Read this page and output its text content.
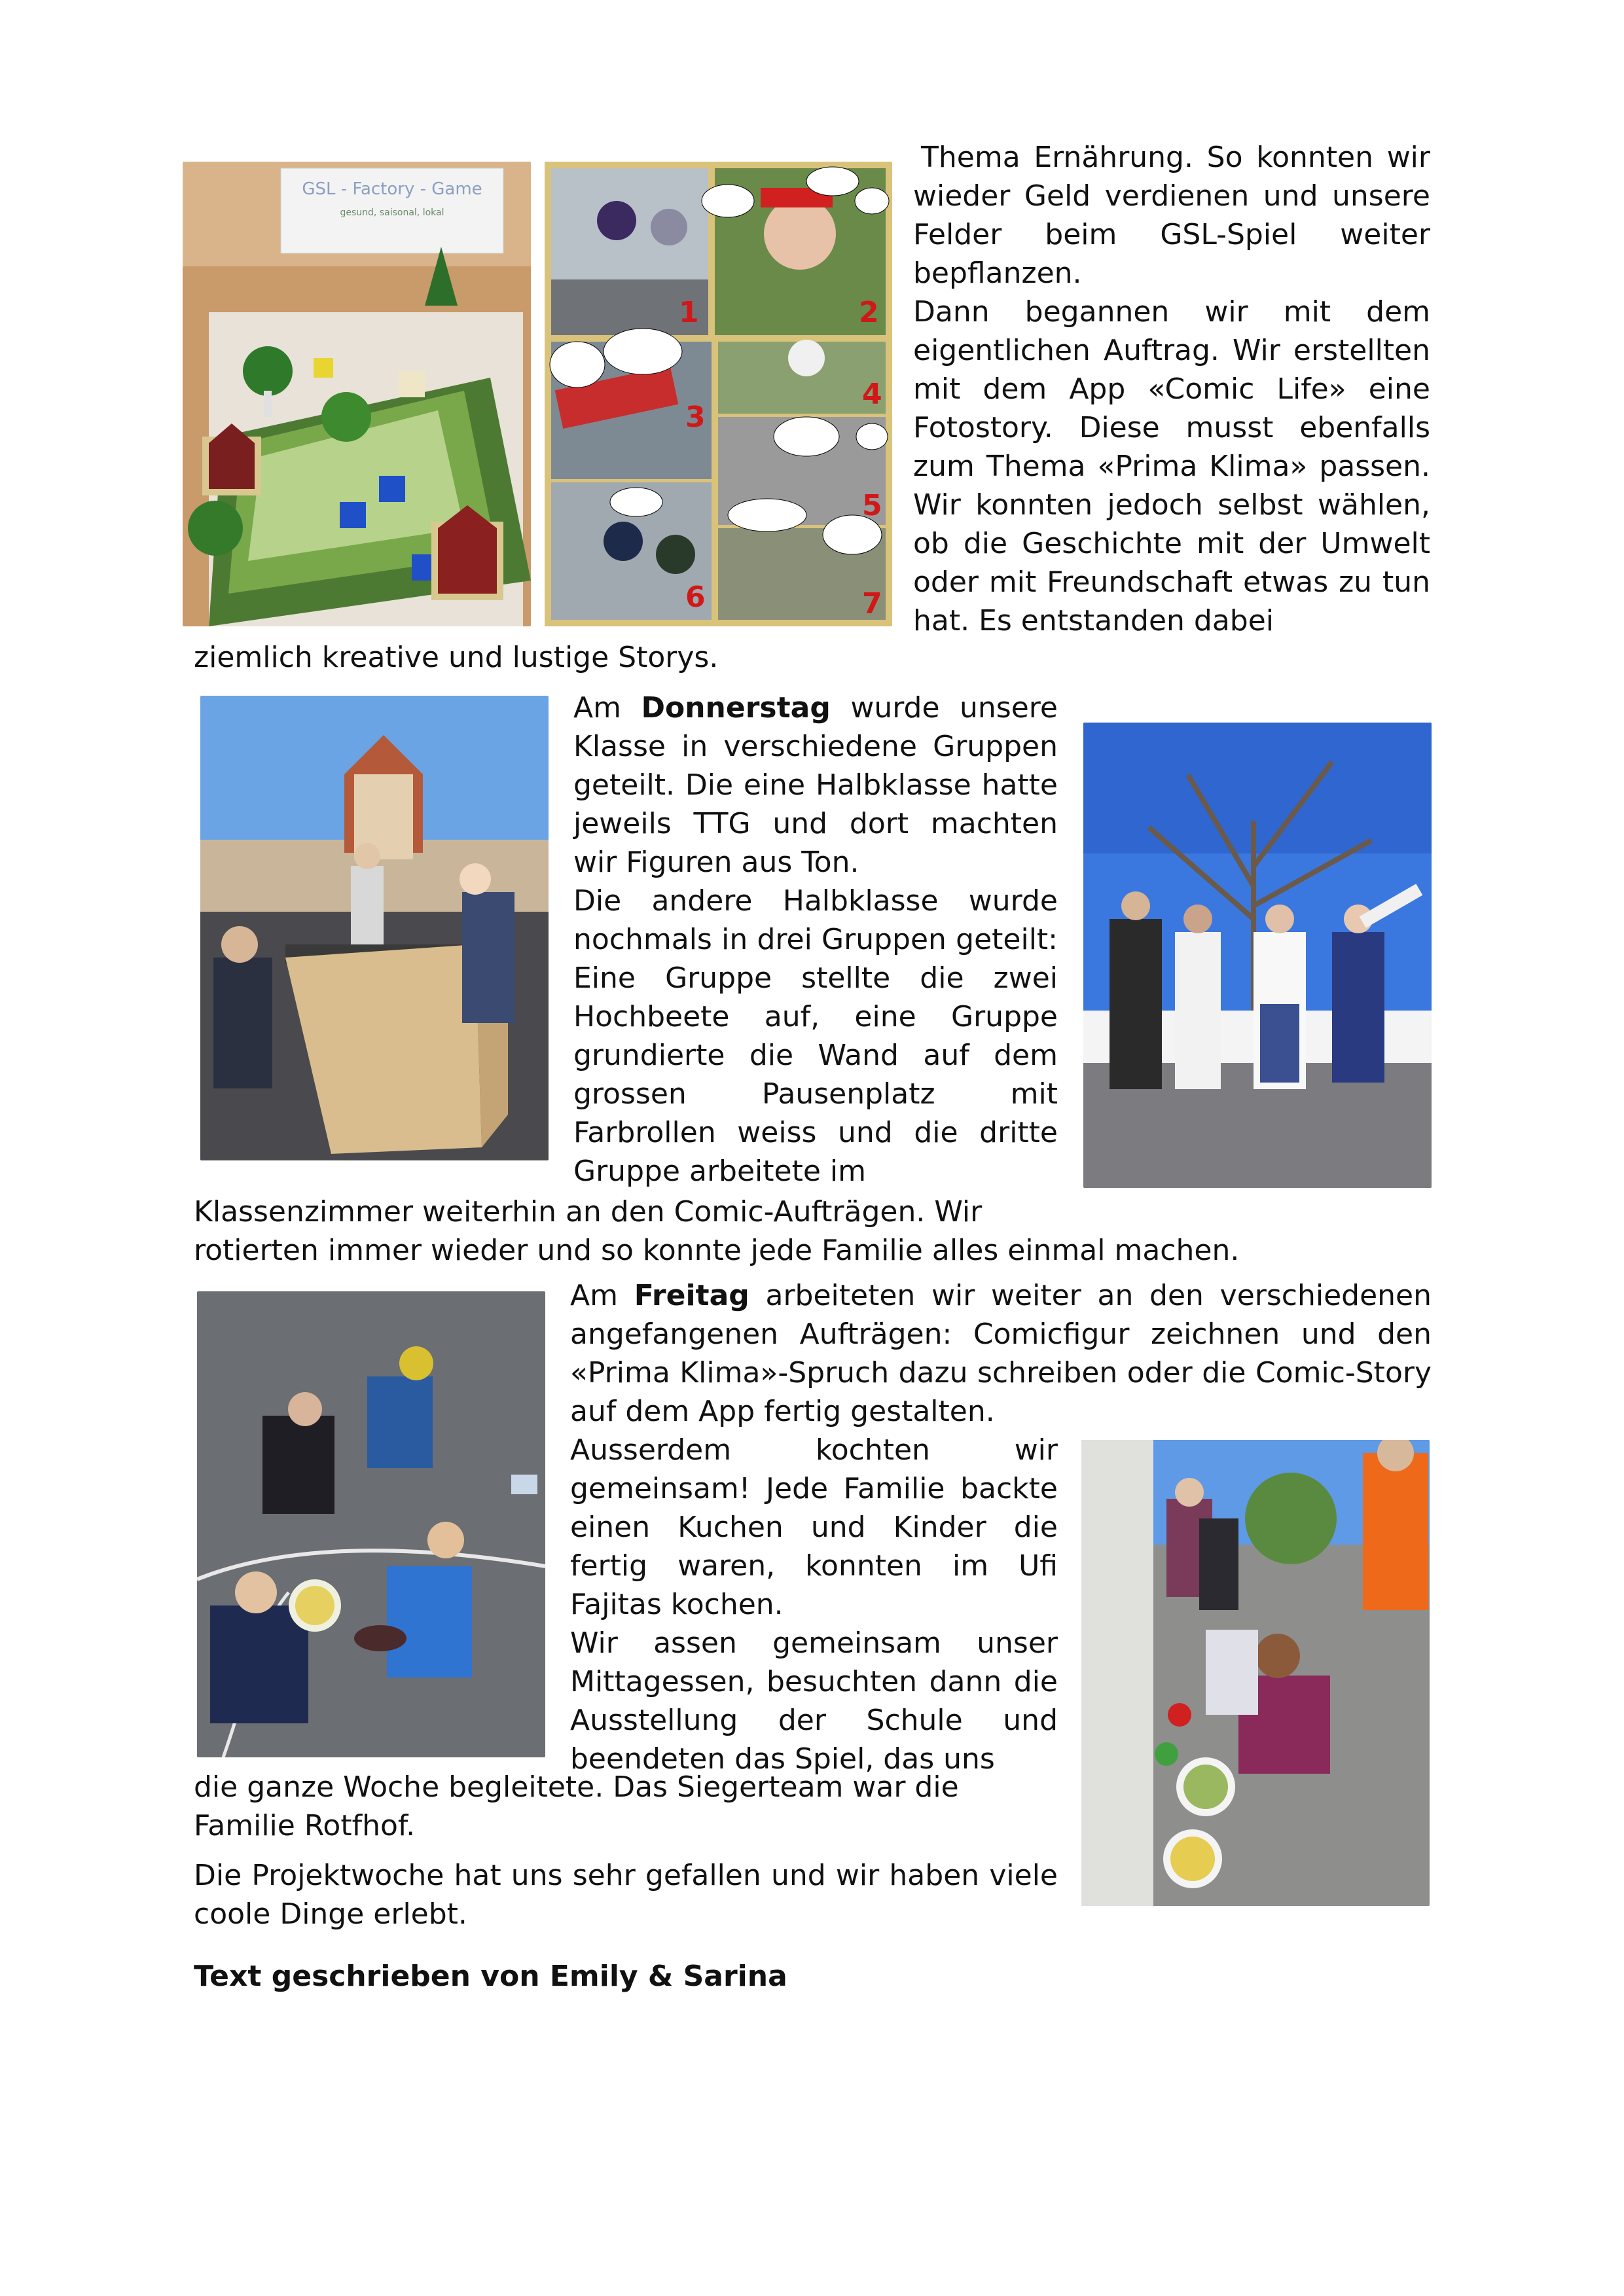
GSL - Factory - Game
gesund, saisonal, lokal
1	2
3
4
5
6	7

Thema Ernährung. So konnten wir wieder Geld verdienen und unsere Felder beim GSL-Spiel weiter bepflanzen.

Dann begannen wir mit dem eigentlichen Auftrag. Wir erstellten mit dem App «Comic Life» eine Fotostory. Diese musst ebenfalls zum Thema «Prima Klima» passen. Wir konnten jedoch selbst wählen, ob die Geschichte mit der Umwelt oder mit Freundschaft etwas zu tun hat. Es entstanden dabei

ziemlich kreative und lustige Storys.

Am Donnerstag wurde unsere Klasse in verschiedene Gruppen geteilt. Die eine Halbklasse hatte jeweils TTG und dort machten wir Figuren aus Ton.

Die andere Halbklasse wurde nochmals in drei Gruppen geteilt: Eine Gruppe stellte die zwei Hochbeete auf, eine Gruppe grundierte die Wand auf dem grossen Pausenplatz mit Farbrollen weiss und die dritte Gruppe arbeitete im

Klassenzimmer weiterhin an den Comic-Aufträgen. Wir
rotierten immer wieder und so konnte jede Familie alles einmal machen.

Am Freitag arbeiteten wir weiter an den verschiedenen angefangenen Aufträgen: Comicfigur zeichnen und den «Prima Klima»-Spruch dazu schreiben oder die Comic-Story auf dem App fertig gestalten.

Ausserdem kochten wir gemeinsam! Jede Familie backte einen Kuchen und Kinder die fertig waren, konnten im Ufi Fajitas kochen.

Wir assen gemeinsam unser Mittagessen, besuchten dann die Ausstellung der Schule und beendeten das Spiel, das uns

die ganze Woche begleitete. Das Siegerteam war die Familie Rotfhof.
Die Projektwoche hat uns sehr gefallen und wir haben viele coole Dinge erlebt.
Text geschrieben von Emily & Sarina
